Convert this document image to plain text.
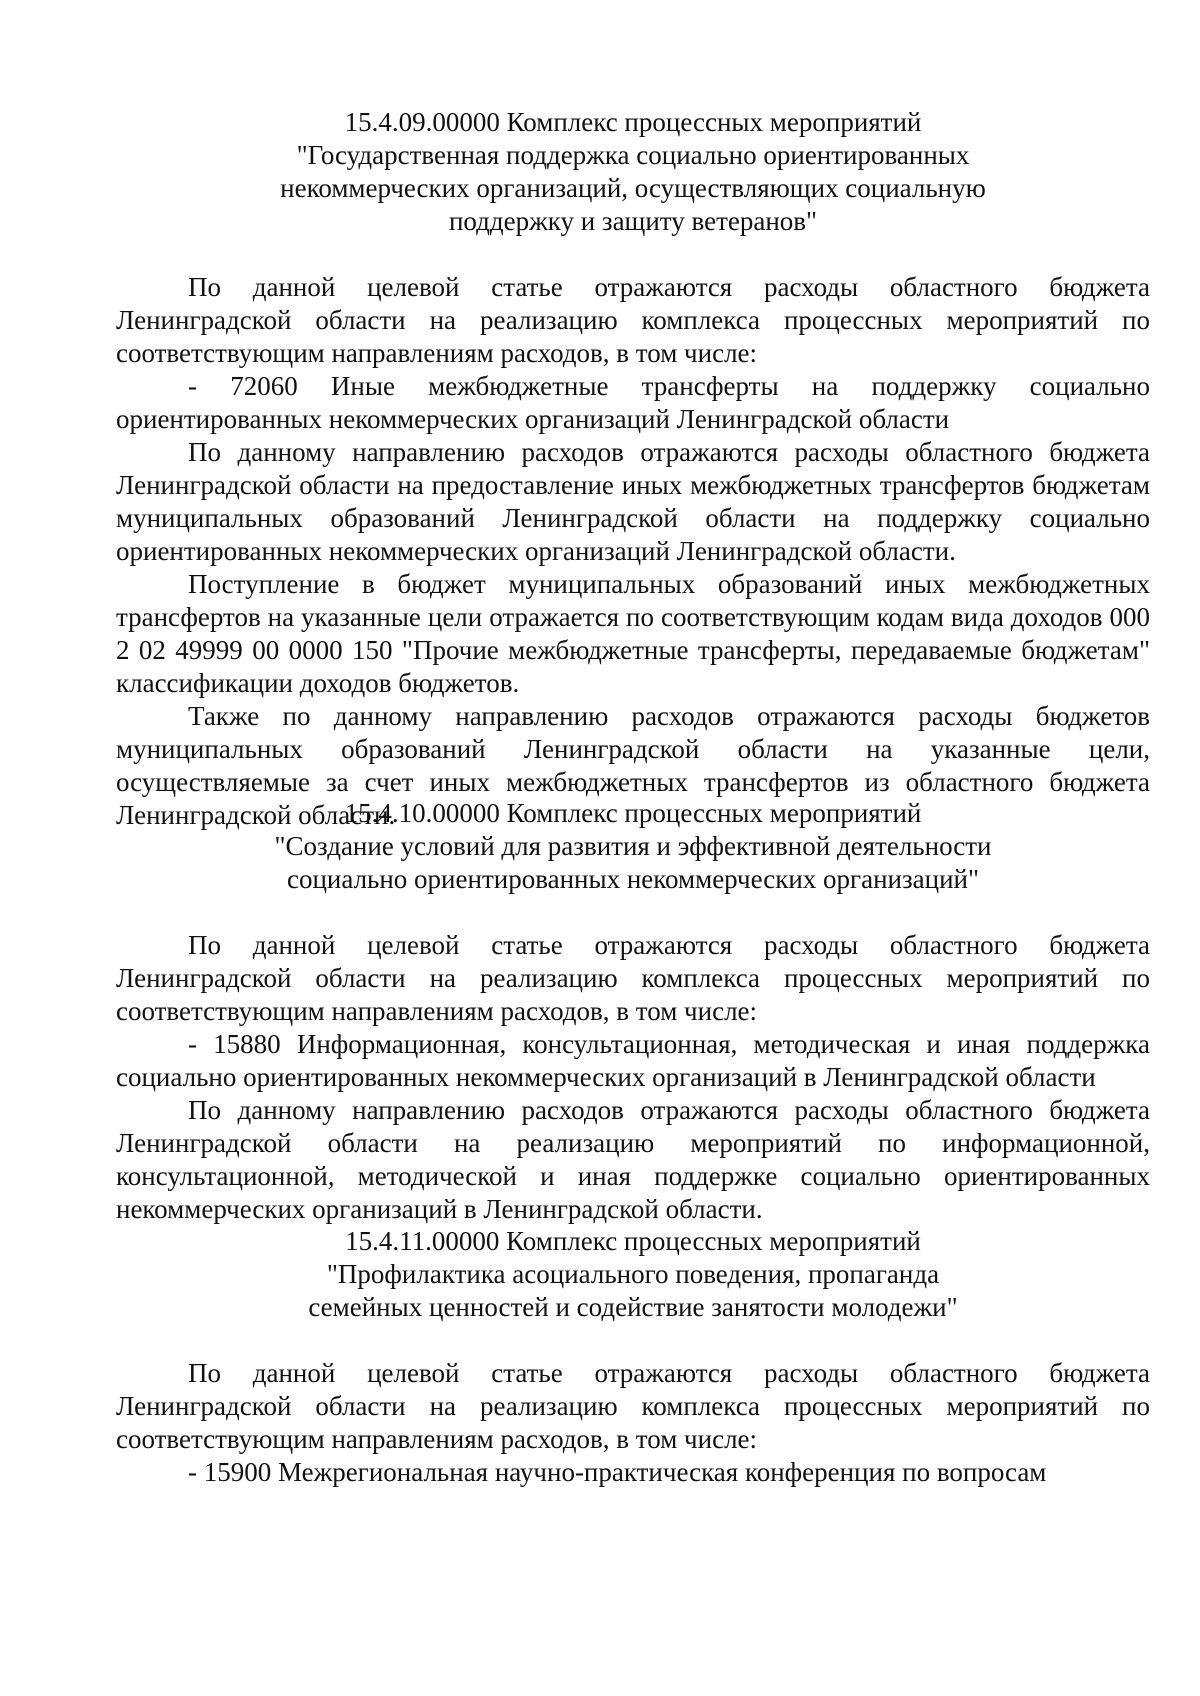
15.4.09.00000 Комплекс процессных мероприятий
"Государственная поддержка социально ориентированных
некоммерческих организаций, осуществляющих социальную
поддержку и защиту ветеранов"

По данной целевой статье отражаются расходы областного бюджета Ленинградской области на реализацию комплекса процессных мероприятий по соответствующим направлениям расходов, в том числе:

- 72060 Иные межбюджетные трансферты на поддержку социально ориентированных некоммерческих организаций Ленинградской области

По данному направлению расходов отражаются расходы областного бюджета Ленинградской области на предоставление иных межбюджетных трансфертов бюджетам муниципальных образований Ленинградской области на поддержку социально ориентированных некоммерческих организаций Ленинградской области.

Поступление в бюджет муниципальных образований иных межбюджетных трансфертов на указанные цели отражается по соответствующим кодам вида доходов 000 2 02 49999 00 0000 150 "Прочие межбюджетные трансферты, передаваемые бюджетам" классификации доходов бюджетов.

Также по данному направлению расходов отражаются расходы бюджетов муниципальных образований Ленинградской области на указанные цели, осуществляемые за счет иных межбюджетных трансфертов из областного бюджета Ленинградской области.

15.4.10.00000 Комплекс процессных мероприятий
"Создание условий для развития и эффективной деятельности
социально ориентированных некоммерческих организаций"

По данной целевой статье отражаются расходы областного бюджета Ленинградской области на реализацию комплекса процессных мероприятий по соответствующим направлениям расходов, в том числе:

- 15880 Информационная, консультационная, методическая и иная поддержка социально ориентированных некоммерческих организаций в Ленинградской области

По данному направлению расходов отражаются расходы областного бюджета Ленинградской области на реализацию мероприятий по информационной, консультационной, методической и иная поддержке социально ориентированных некоммерческих организаций в Ленинградской области.

15.4.11.00000 Комплекс процессных мероприятий
"Профилактика асоциального поведения, пропаганда
семейных ценностей и содействие занятости молодежи"

По данной целевой статье отражаются расходы областного бюджета Ленинградской области на реализацию комплекса процессных мероприятий по соответствующим направлениям расходов, в том числе:

- 15900 Межрегиональная научно-практическая конференция по вопросам
